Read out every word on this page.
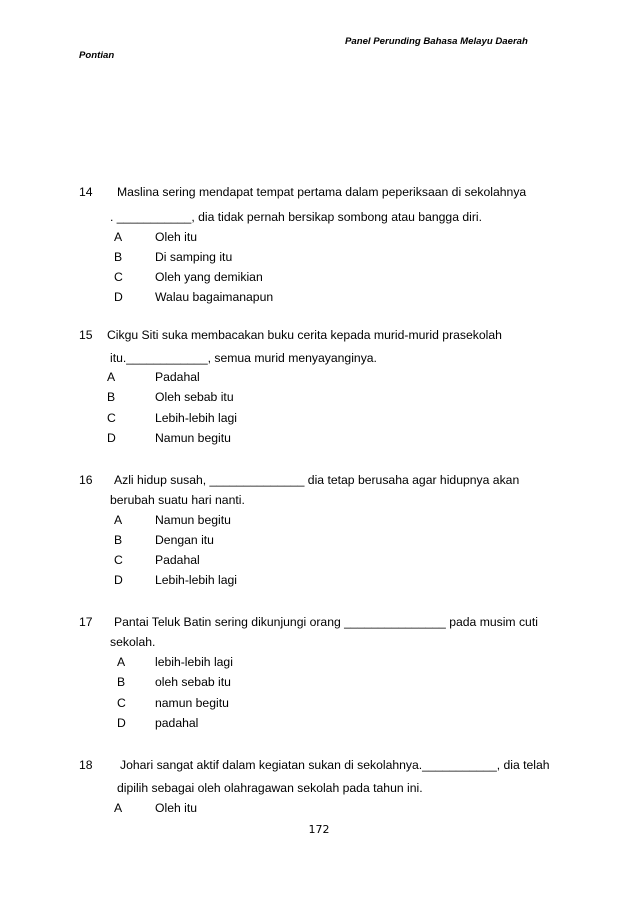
Panel Perunding Bahasa Melayu Daerah
Pontian
14 Maslina sering mendapat tempat pertama dalam peperiksaan di sekolahnya
. ___________, dia tidak pernah bersikap sombong atau bangga diri.
A	Oleh itu
B	Di samping itu
C	Oleh yang demikian
D	Walau bagaimanapun
15 Cikgu Siti suka membacakan buku cerita kepada murid-murid prasekolah
itu.____________, semua murid menyayanginya.
A	Padahal
B	Oleh sebab itu
C	Lebih-lebih lagi
D	Namun begitu
16 Azli hidup susah, ______________ dia tetap berusaha agar hidupnya akan
berubah suatu hari nanti.
A	Namun begitu
B	Dengan itu
C	Padahal
D	Lebih-lebih lagi
17 Pantai Teluk Batin sering dikunjungi orang _______________ pada musim cuti
sekolah.
A lebih-lebih lagi
B oleh sebab itu
C namun begitu
D padahal
18 Johari sangat aktif dalam kegiatan sukan di sekolahnya.___________, dia telah
dipilih sebagai oleh olahragawan sekolah pada tahun ini.
A	Oleh itu
172
